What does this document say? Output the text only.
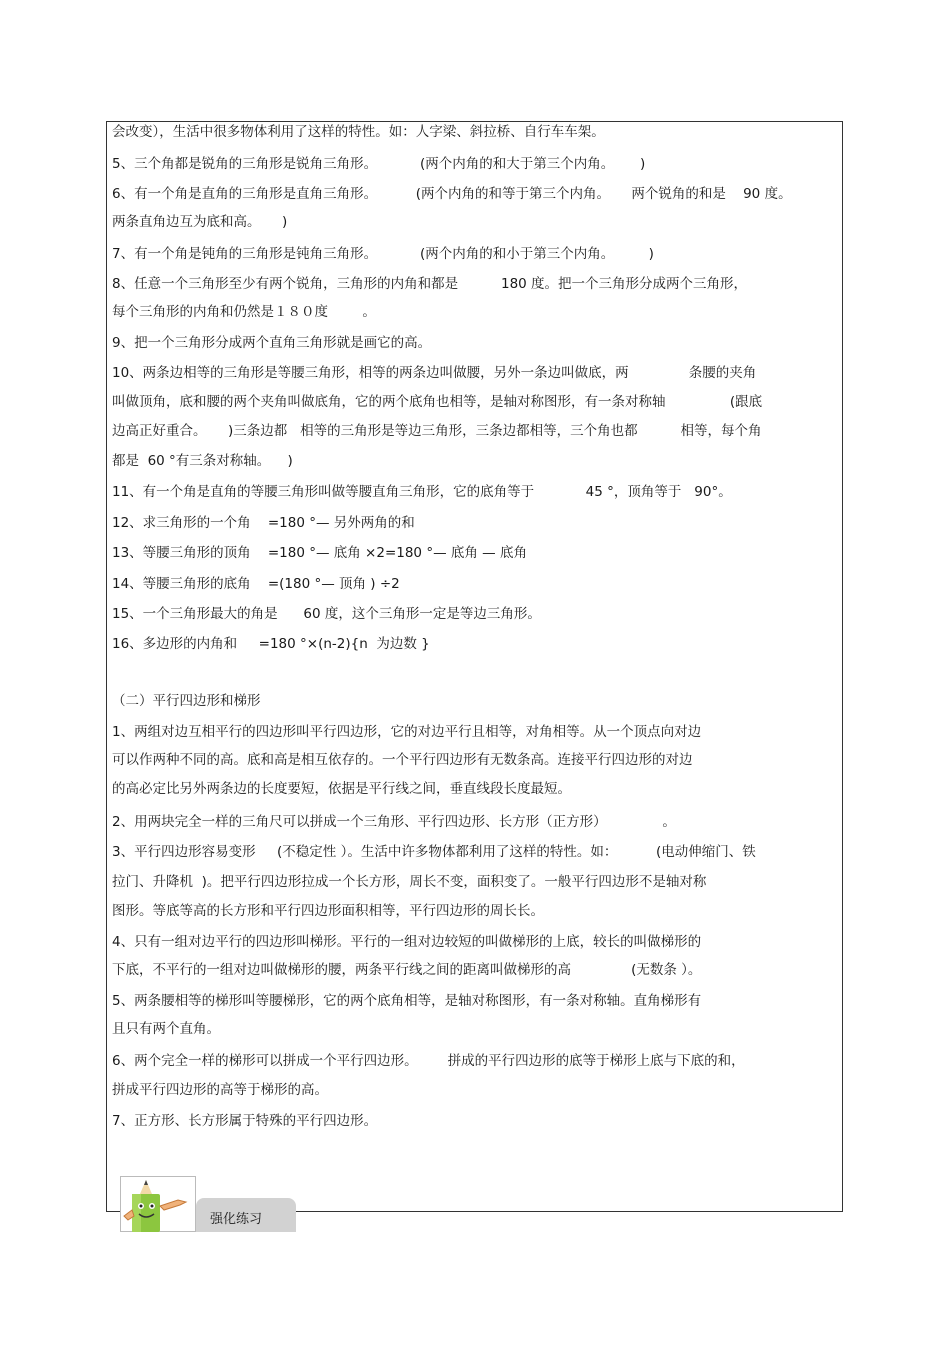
会改变），生活中很多物体利用了这样的特性。如：人字梁、斜拉桥、自行车车架。
5、三个角都是锐角的三角形是锐角三角形。          (两个内角的和大于第三个内角。      )
6、有一个角是直角的三角形是直角三角形。         (两个内角的和等于第三个内角。     两个锐角的和是    90 度。
两条直角边互为底和高。     )
7、有一个角是钝角的三角形是钝角三角形。          (两个内角的和小于第三个内角。        )
8、任意一个三角形至少有两个锐角，三角形的内角和都是          180 度。把一个三角形分成两个三角形，
每个三角形的内角和仍然是１８０度        。
9、把一个三角形分成两个直角三角形就是画它的高。
10、两条边相等的三角形是等腰三角形，相等的两条边叫做腰，另外一条边叫做底，两              条腰的夹角
叫做顶角，底和腰的两个夹角叫做底角，它的两个底角也相等，是轴对称图形，有一条对称轴               (跟底
边高正好重合。     )三条边都   相等的三角形是等边三角形，三条边都相等，三个角也都          相等，每个角
都是  60 °有三条对称轴。    )
11、有一个角是直角的等腰三角形叫做等腰直角三角形，它的底角等于            45 °，顶角等于   90°。
12、求三角形的一个角    =180 °— 另外两角的和
13、等腰三角形的顶角    =180 °— 底角 ×2=180 °— 底角 — 底角
14、等腰三角形的底角    =(180 °— 顶角 ) ÷2
15、一个三角形最大的角是      60 度，这个三角形一定是等边三角形。
16、多边形的内角和     =180 °×(n-2){n  为边数 }
（二）平行四边形和梯形
1、两组对边互相平行的四边形叫平行四边形，它的对边平行且相等，对角相等。从一个顶点向对边
可以作两种不同的高。底和高是相互依存的。一个平行四边形有无数条高。连接平行四边形的对边
的高必定比另外两条边的长度要短，依据是平行线之间，垂直线段长度最短。
2、用两块完全一样的三角尺可以拼成一个三角形、平行四边形、长方形（正方形）             。
3、平行四边形容易变形     (不稳定性 ）。生活中许多物体都利用了这样的特性。如：         (电动伸缩门、铁
拉门、升降机  )。把平行四边形拉成一个长方形，周长不变，面积变了。一般平行四边形不是轴对称
图形。等底等高的长方形和平行四边形面积相等，平行四边形的周长长。
4、只有一组对边平行的四边形叫梯形。平行的一组对边较短的叫做梯形的上底，较长的叫做梯形的
下底，不平行的一组对边叫做梯形的腰，两条平行线之间的距离叫做梯形的高              (无数条 ）。
5、两条腰相等的梯形叫等腰梯形，它的两个底角相等，是轴对称图形，有一条对称轴。直角梯形有
且只有两个直角。
6、两个完全一样的梯形可以拼成一个平行四边形。       拼成的平行四边形的底等于梯形上底与下底的和，
拼成平行四边形的高等于梯形的高。
7、正方形、长方形属于特殊的平行四边形。
强化练习
